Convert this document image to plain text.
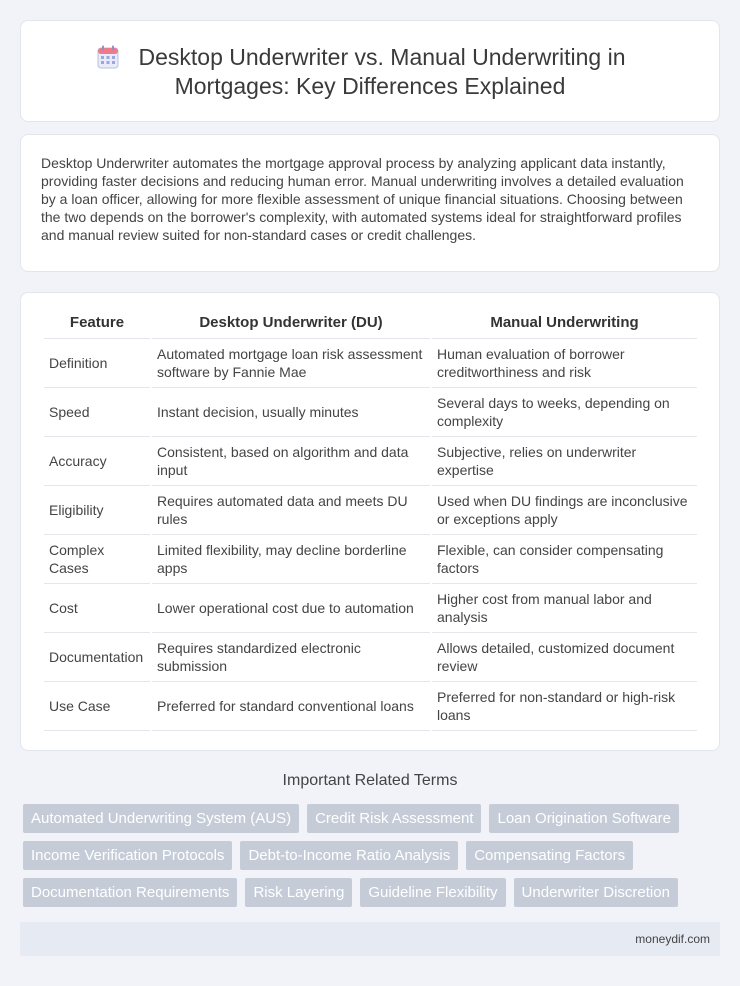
Desktop Underwriter vs. Manual Underwriting in
Mortgages: Key Differences Explained

Desktop Underwriter automates the mortgage approval process by analyzing applicant data instantly, providing faster decisions and reducing human error. Manual underwriting involves a detailed evaluation by a loan officer, allowing for more flexible assessment of unique financial situations. Choosing between the two depends on the borrower's complexity, with automated systems ideal for straightforward profiles and manual review suited for non-standard cases or credit challenges.

Feature	Desktop Underwriter (DU)	Manual Underwriting
Definition	Automated mortgage loan risk assessment software by Fannie Mae	Human evaluation of borrower creditworthiness and risk
Speed	Instant decision, usually minutes	Several days to weeks, depending on complexity
Accuracy	Consistent, based on algorithm and data input	Subjective, relies on underwriter expertise
Eligibility	Requires automated data and meets DU rules	Used when DU findings are inconclusive or exceptions apply
Complex Cases	Limited flexibility, may decline borderline apps	Flexible, can consider compensating factors
Cost	Lower operational cost due to automation	Higher cost from manual labor and analysis
Documentation	Requires standardized electronic submission	Allows detailed, customized document review
Use Case	Preferred for standard conventional loans	Preferred for non-standard or high-risk loans
Important Related Terms
Automated Underwriting System (AUS)	Credit Risk Assessment	Loan Origination Software
Income Verification Protocols	Debt-to-Income Ratio Analysis	Compensating Factors
Documentation Requirements	Risk Layering	Guideline Flexibility	Underwriter Discretion
moneydif.com
